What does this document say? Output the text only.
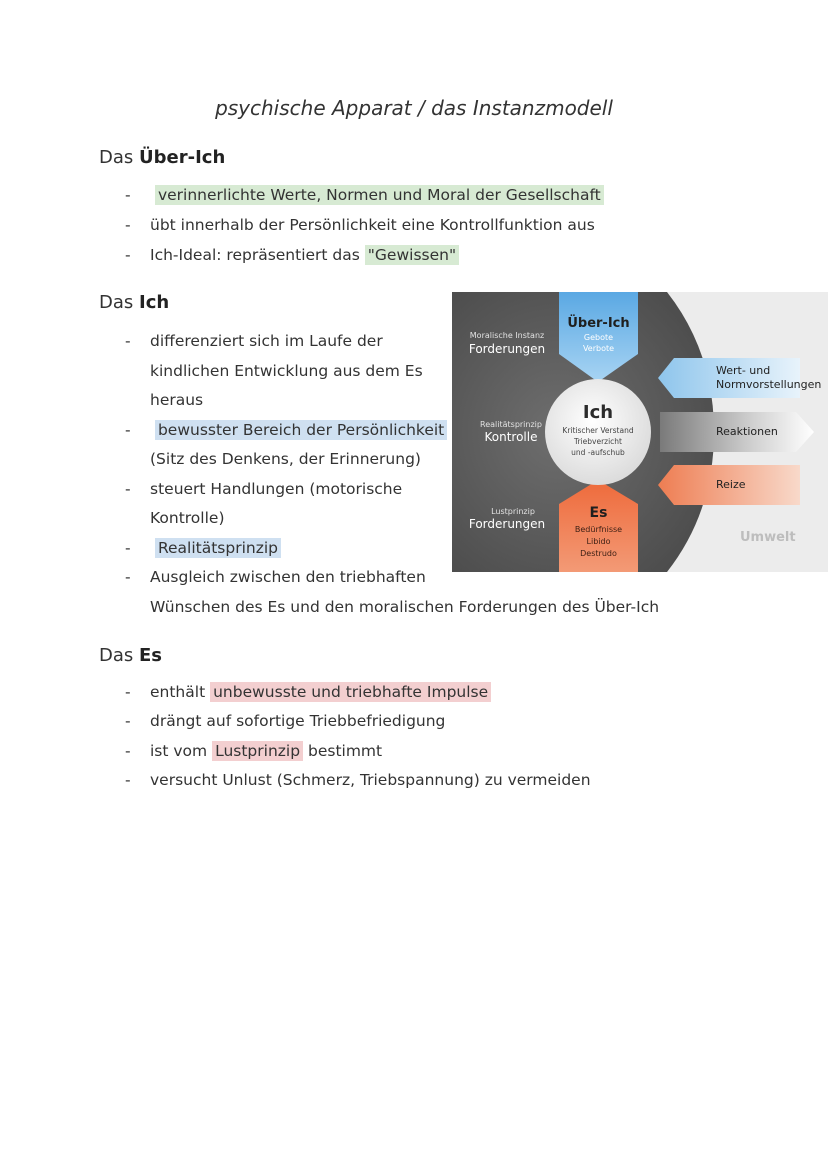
psychische Apparat / das Instanzmodell
Das Über-Ich
- verinnerlichte Werte, Normen und Moral der Gesellschaft
- übt innerhalb der Persönlichkeit eine Kontrollfunktion aus
- Ich-Ideal: repräsentiert das "Gewissen"
Das Ich
- differenziert sich im Laufe der
kindlichen Entwicklung aus dem Es
heraus
- bewusster Bereich der Persönlichkeit
(Sitz des Denkens, der Erinnerung)
- steuert Handlungen (motorische
Kontrolle)
- Realitätsprinzip
- Ausgleich zwischen den triebhaften
Wünschen des Es und den moralischen Forderungen des Über-Ich
Das Es
- enthält unbewusste und triebhafte Impulse
- drängt auf sofortige Triebbefriedigung
- ist vom Lustprinzip bestimmt
- versucht Unlust (Schmerz, Triebspannung) zu vermeiden
Moralische Instanz
Forderungen
Realitätsprinzip
Kontrolle
Lustprinzip
Forderungen
Über-Ich
Gebote
Verbote
Ich
Kritischer Verstand
Triebverzicht
und -aufschub
Es
Bedürfnisse
Libido
Destrudo
Wert- und
Normvorstellungen
Reaktionen
Reize
Umwelt
